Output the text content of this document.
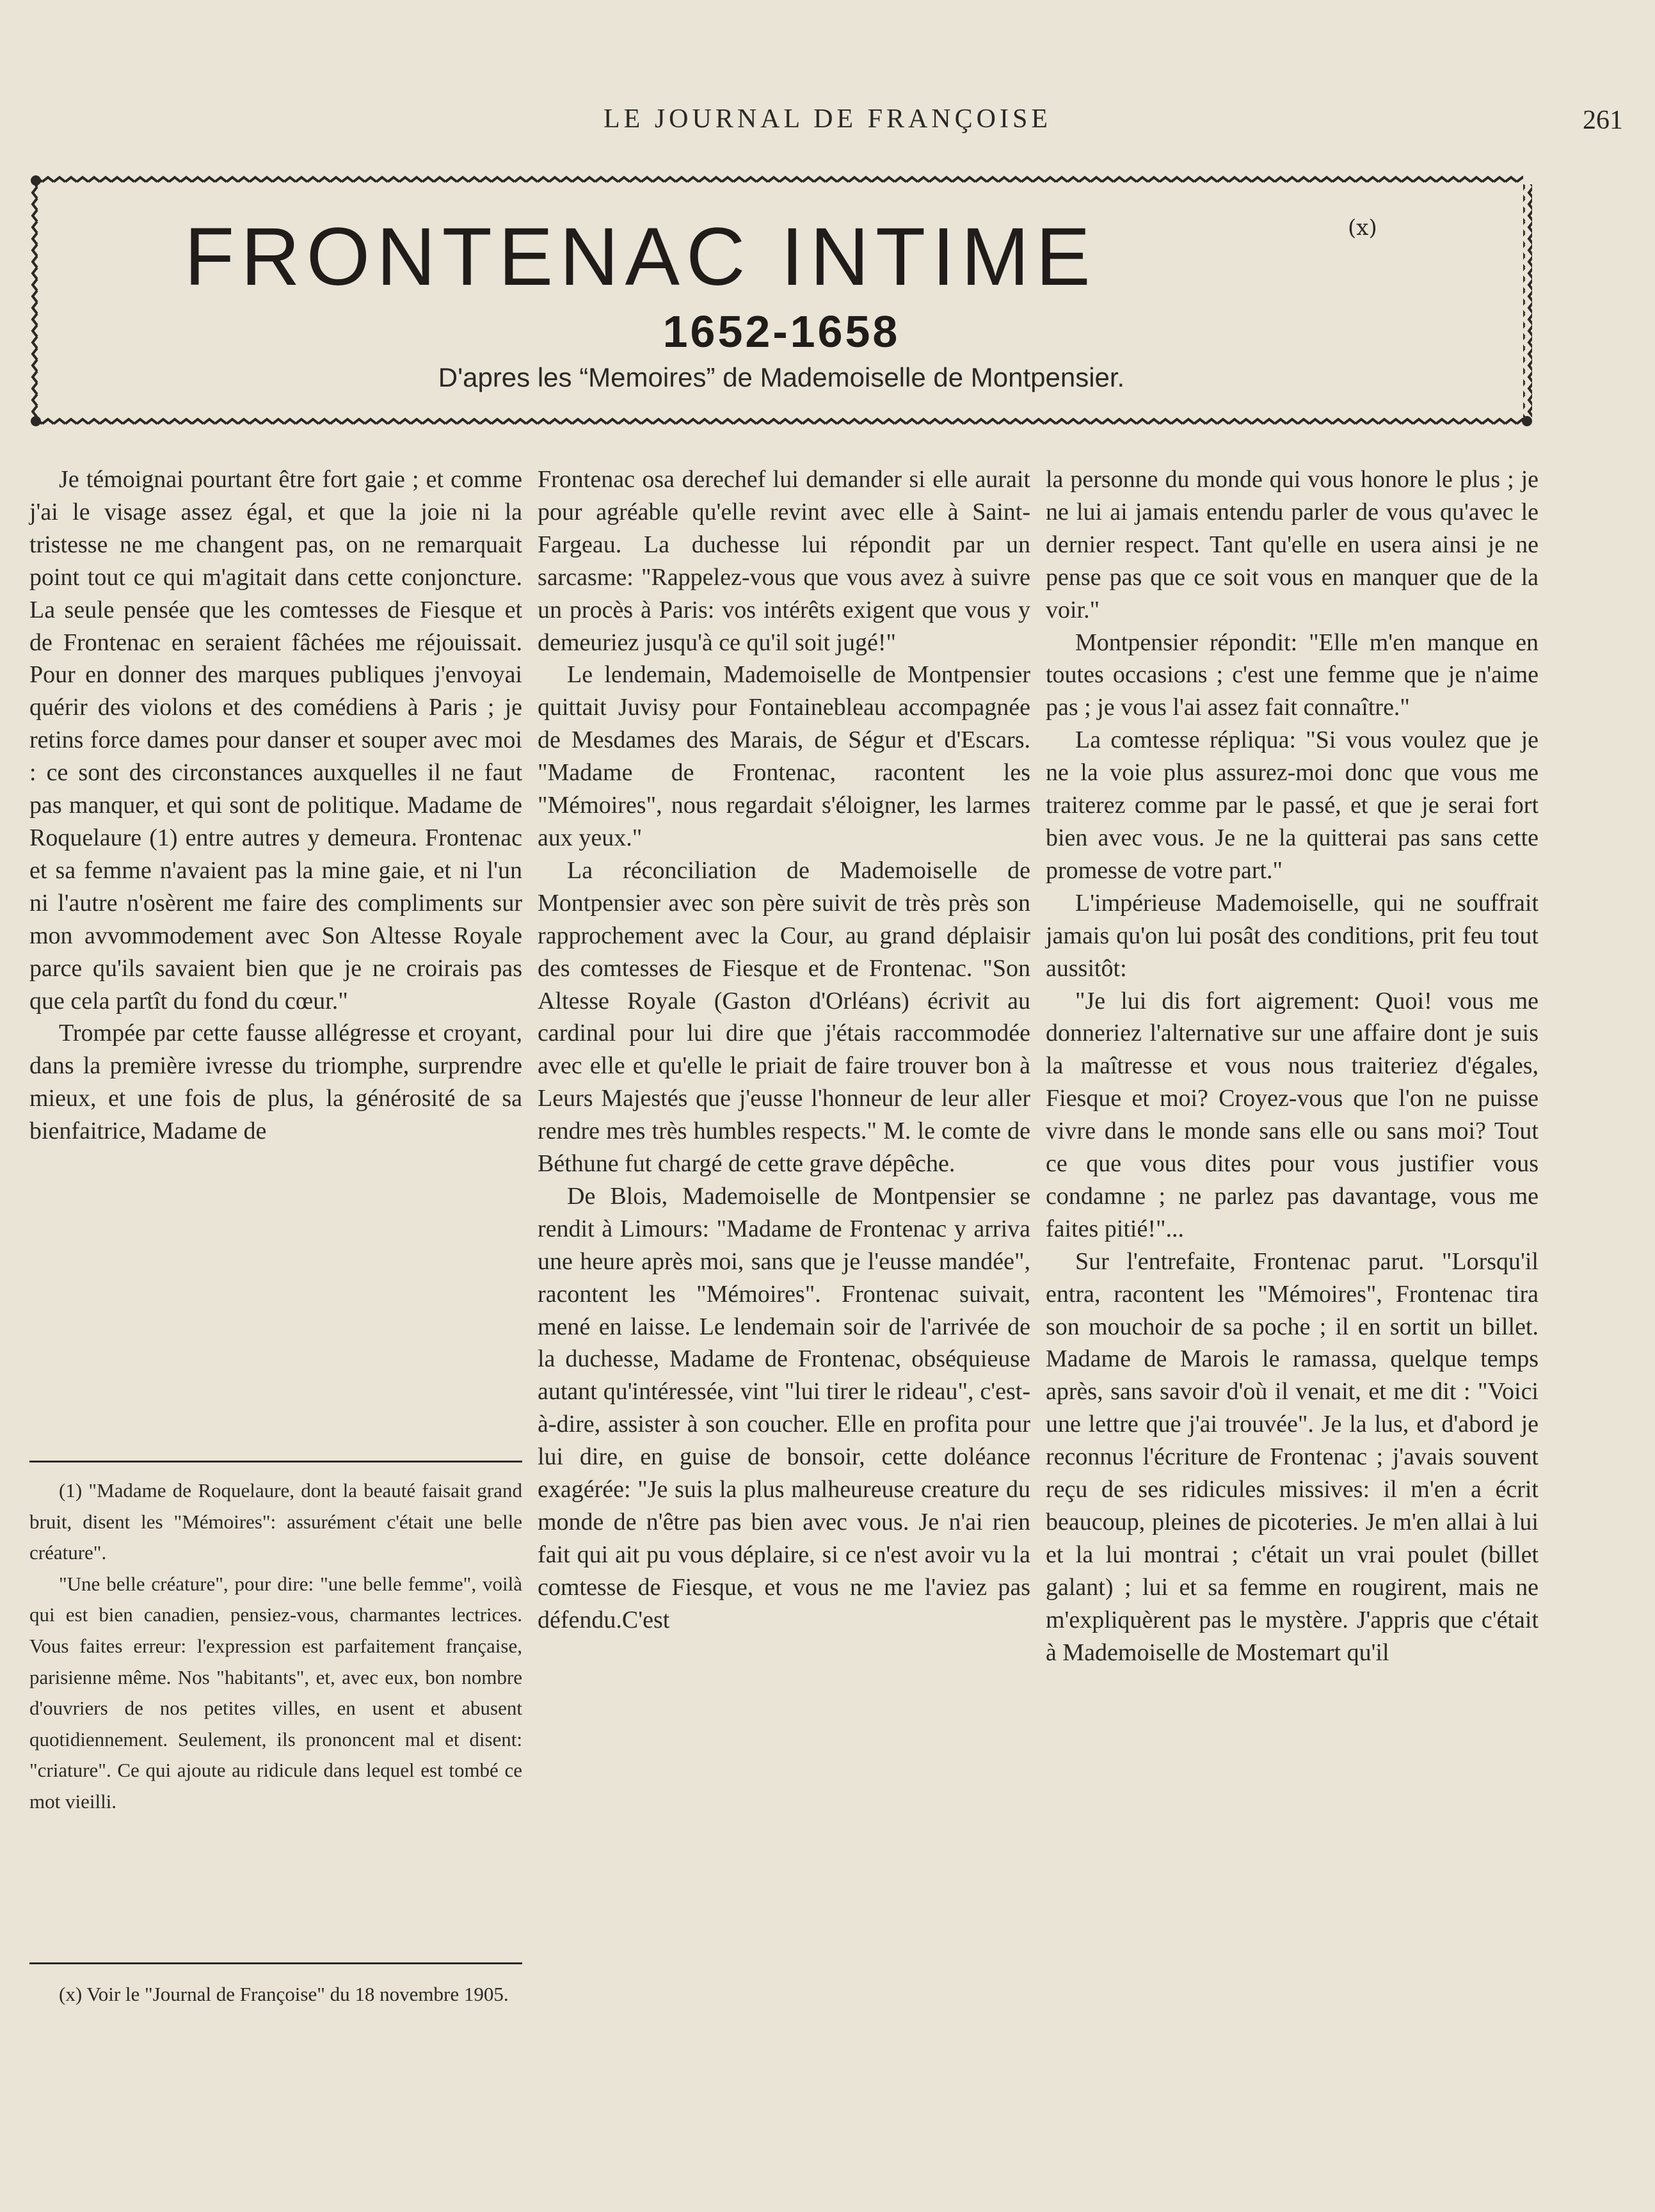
LE JOURNAL DE FRANÇOISE	261
FRONTENAC INTIME	(x)
1652-1658
D'apres les “Memoires” de Mademoiselle de Montpensier.

Je témoignai pourtant être fort gaie ; et comme j'ai le visage assez égal, et que la joie ni la tristesse ne me changent pas, on ne remarquait point tout ce qui m'agitait dans cette conjoncture. La seule pensée que les comtesses de Fiesque et de Frontenac en seraient fâchées me réjouissait. Pour en donner des marques publiques j'envoyai quérir des violons et des comédiens à Paris ; je retins force dames pour danser et souper avec moi : ce sont des circonstances auxquelles il ne faut pas manquer, et qui sont de politique. Madame de Roquelaure (1) entre autres y demeura. Frontenac et sa femme n'avaient pas la mine gaie, et ni l'un ni l'autre n'osèrent me faire des compliments sur mon avvommodement avec Son Altesse Royale parce qu'ils savaient bien que je ne croirais pas que cela partît du fond du cœur."

Trompée par cette fausse allégresse et croyant, dans la première ivresse du triomphe, surprendre mieux, et une fois de plus, la générosité de sa bienfaitrice, Madame de

(1) "Madame de Roquelaure, dont la beauté faisait grand bruit, disent les "Mémoires": assurément c'était une belle créature".

"Une belle créature", pour dire: "une belle femme", voilà qui est bien canadien, pensiez-vous, charmantes lectrices. Vous faites erreur: l'expression est parfaitement française, parisienne même. Nos "habitants", et, avec eux, bon nombre d'ouvriers de nos petites villes, en usent et abusent quotidiennement. Seulement, ils prononcent mal et disent: "criature". Ce qui ajoute au ridicule dans lequel est tombé ce mot vieilli.

(x) Voir le "Journal de Françoise" du 18 novembre 1905.

Frontenac osa derechef lui demander si elle aurait pour agréable qu'elle revint avec elle à Saint-Fargeau. La duchesse lui répondit par un sarcasme: "Rappelez-vous que vous avez à suivre un procès à Paris: vos intérêts exigent que vous y demeuriez jusqu'à ce qu'il soit jugé!"

Le lendemain, Mademoiselle de Montpensier quittait Juvisy pour Fontainebleau accompagnée de Mesdames des Marais, de Ségur et d'Escars. "Madame de Frontenac, racontent les "Mémoires", nous regardait s'éloigner, les larmes aux yeux."

La réconciliation de Mademoiselle de Montpensier avec son père suivit de très près son rapprochement avec la Cour, au grand déplaisir des comtesses de Fiesque et de Frontenac. "Son Altesse Royale (Gaston d'Orléans) écrivit au cardinal pour lui dire que j'étais raccommodée avec elle et qu'elle le priait de faire trouver bon à Leurs Majestés que j'eusse l'honneur de leur aller rendre mes très humbles respects." M. le comte de Béthune fut chargé de cette grave dépêche.

De Blois, Mademoiselle de Montpensier se rendit à Limours: "Madame de Frontenac y arriva une heure après moi, sans que je l'eusse mandée", racontent les "Mémoires". Frontenac suivait, mené en laisse. Le lendemain soir de l'arrivée de la duchesse, Madame de Frontenac, obséquieuse autant qu'intéressée, vint "lui tirer le rideau", c'est-à-dire, assister à son coucher. Elle en profita pour lui dire, en guise de bonsoir, cette doléance exagérée: "Je suis la plus malheureuse creature du monde de n'être pas bien avec vous. Je n'ai rien fait qui ait pu vous déplaire, si ce n'est avoir vu la comtesse de Fiesque, et vous ne me l'aviez pas défendu.C'est

la personne du monde qui vous honore le plus ; je ne lui ai jamais entendu parler de vous qu'avec le dernier respect. Tant qu'elle en usera ainsi je ne pense pas que ce soit vous en manquer que de la voir."

Montpensier répondit: "Elle m'en manque en toutes occasions ; c'est une femme que je n'aime pas ; je vous l'ai assez fait connaître."

La comtesse répliqua: "Si vous voulez que je ne la voie plus assurez-moi donc que vous me traiterez comme par le passé, et que je serai fort bien avec vous. Je ne la quitterai pas sans cette promesse de votre part."

L'impérieuse Mademoiselle, qui ne souffrait jamais qu'on lui posât des conditions, prit feu tout aussitôt:

"Je lui dis fort aigrement: Quoi! vous me donneriez l'alternative sur une affaire dont je suis la maîtresse et vous nous traiteriez d'égales, Fiesque et moi? Croyez-vous que l'on ne puisse vivre dans le monde sans elle ou sans moi? Tout ce que vous dites pour vous justifier vous condamne ; ne parlez pas davantage, vous me faites pitié!"...

Sur l'entrefaite, Frontenac parut. "Lorsqu'il entra, racontent les "Mémoires", Frontenac tira son mouchoir de sa poche ; il en sortit un billet. Madame de Marois le ramassa, quelque temps après, sans savoir d'où il venait, et me dit : "Voici une lettre que j'ai trouvée". Je la lus, et d'abord je reconnus l'écriture de Frontenac ; j'avais souvent reçu de ses ridicules missives: il m'en a écrit beaucoup, pleines de picoteries. Je m'en allai à lui et la lui montrai ; c'était un vrai poulet (billet galant) ; lui et sa femme en rougirent, mais ne m'expliquèrent pas le mystère. J'appris que c'était à Mademoiselle de Mostemart qu'il
